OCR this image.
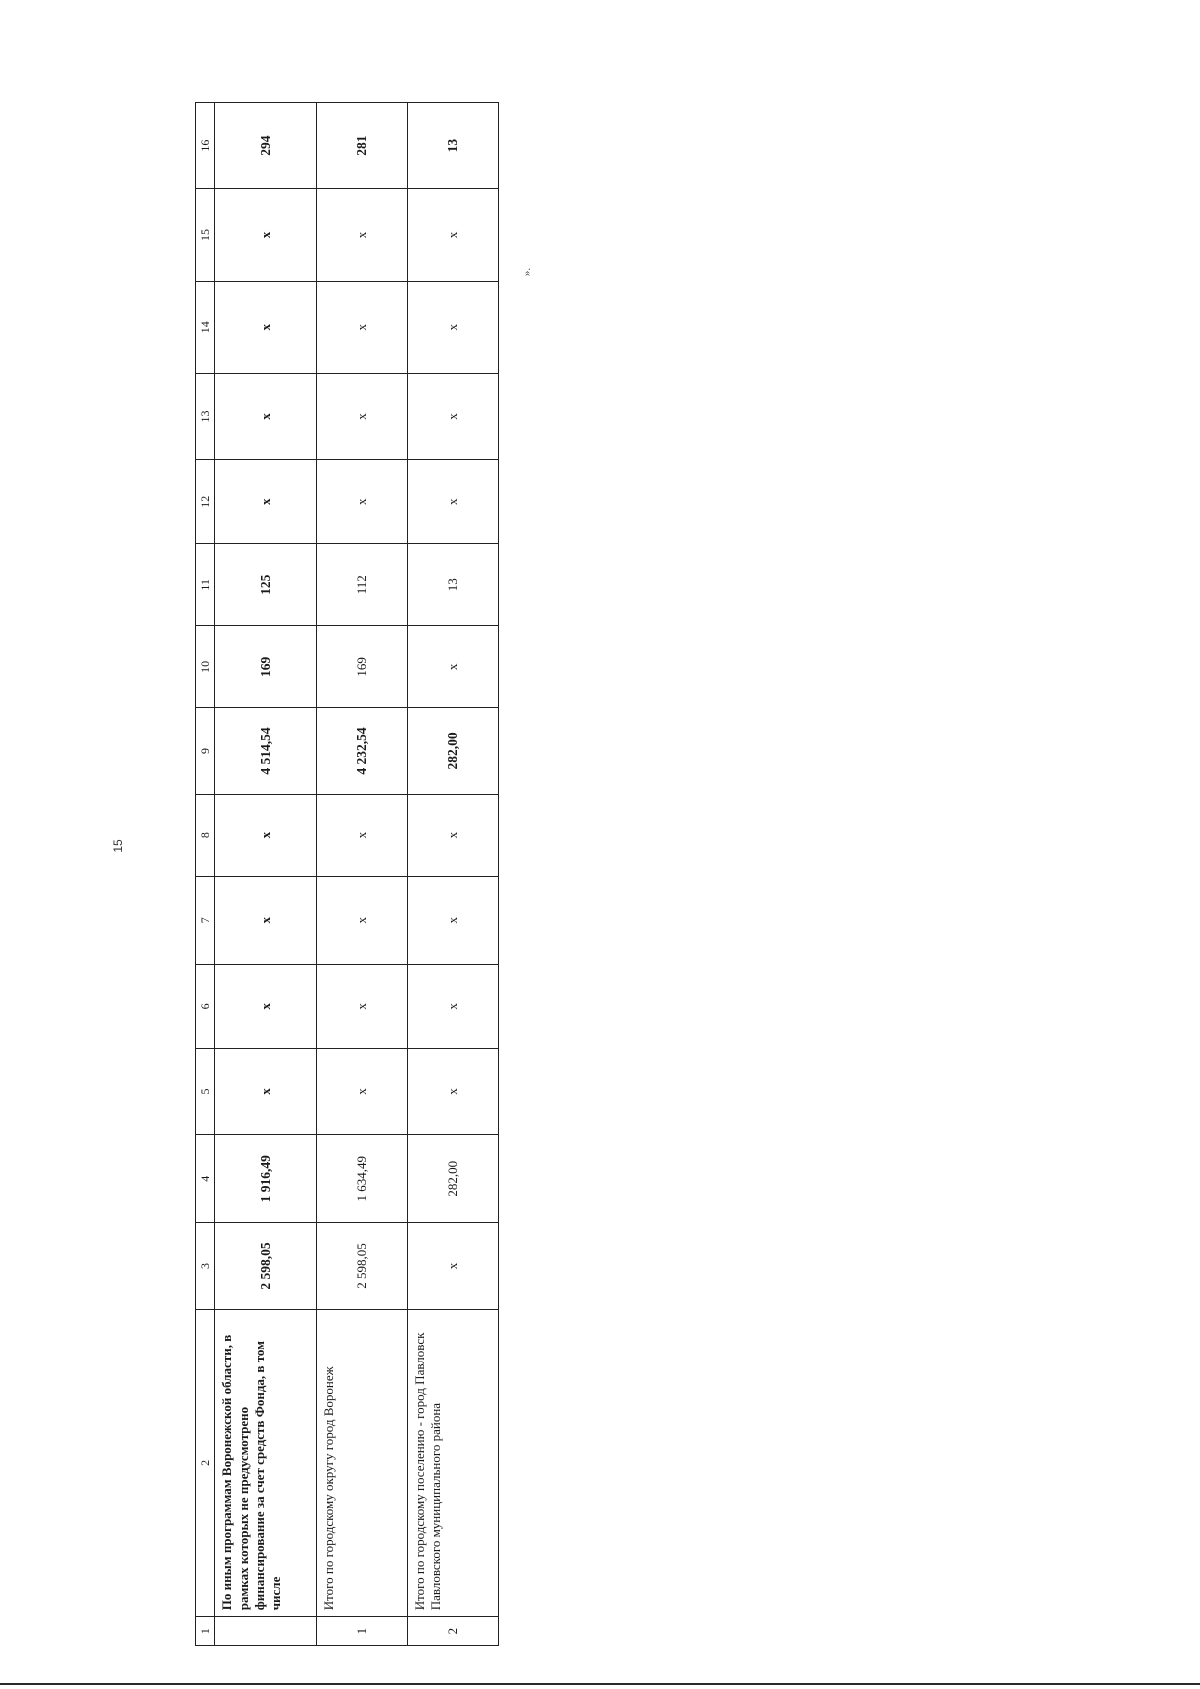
15
1	2	3	4	5	6	7	8	9	10	11	12	13	14	15	16
	По иным программам Воронежской области, в рамках которых не предусмотрено финансирование за счет средств Фонда, в том числе	2 598,05	1 916,49	x	x	x	x	4 514,54	169	125	x	x	x	x	294
1	Итого по городскому округу город Воронеж	2 598,05	1 634,49	x	x	x	x	4 232,54	169	112	x	x	x	x	281
2	Итого по городскому поселению - город Павловск Павловского муниципального района	x	282,00	x	x	x	x	282,00	x	13	x	x	x	x	13
».
